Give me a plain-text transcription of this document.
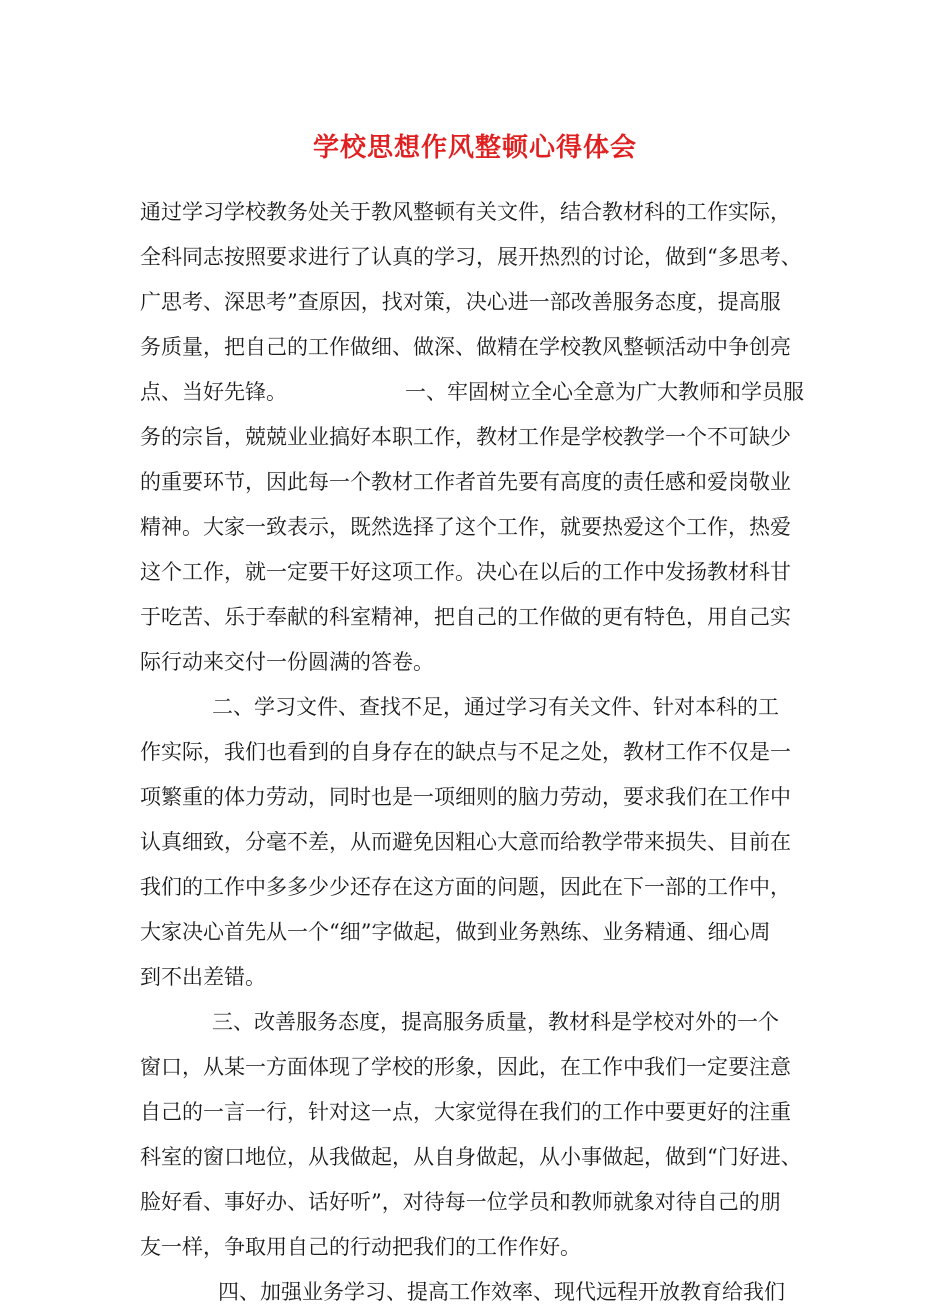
学校思想作风整顿心得体会
通过学习学校教务处关于教风整顿有关文件，结合教材科的工作实际，
全科同志按照要求进行了认真的学习，展开热烈的讨论，做到“多思考、
广思考、深思考”查原因，找对策，决心进一部改善服务态度，提高服
务质量，把自己的工作做细、做深、做精在学校教风整顿活动中争创亮
点、当好先锋。	一、牢固树立全心全意为广大教师和学员服
务的宗旨，兢兢业业搞好本职工作，教材工作是学校教学一个不可缺少
的重要环节，因此每一个教材工作者首先要有高度的责任感和爱岗敬业
精神。大家一致表示，既然选择了这个工作，就要热爱这个工作，热爱
这个工作，就一定要干好这项工作。决心在以后的工作中发扬教材科甘
于吃苦、乐于奉献的科室精神，把自己的工作做的更有特色，用自己实
际行动来交付一份圆满的答卷。
二、学习文件、查找不足，通过学习有关文件、针对本科的工
作实际，我们也看到的自身存在的缺点与不足之处，教材工作不仅是一
项繁重的体力劳动，同时也是一项细则的脑力劳动，要求我们在工作中
认真细致，分毫不差，从而避免因粗心大意而给教学带来损失、目前在
我们的工作中多多少少还存在这方面的问题，因此在下一部的工作中，
大家决心首先从一个“细”字做起，做到业务熟练、业务精通、细心周
到不出差错。
三、改善服务态度，提高服务质量，教材科是学校对外的一个
窗口，从某一方面体现了学校的形象，因此，在工作中我们一定要注意
自己的一言一行，针对这一点，大家觉得在我们的工作中要更好的注重
科室的窗口地位，从我做起，从自身做起，从小事做起，做到“门好进、
脸好看、事好办、话好听”，对待每一位学员和教师就象对待自己的朋
友一样，争取用自己的行动把我们的工作作好。
四、加强业务学习、提高工作效率、现代远程开放教育给我们
